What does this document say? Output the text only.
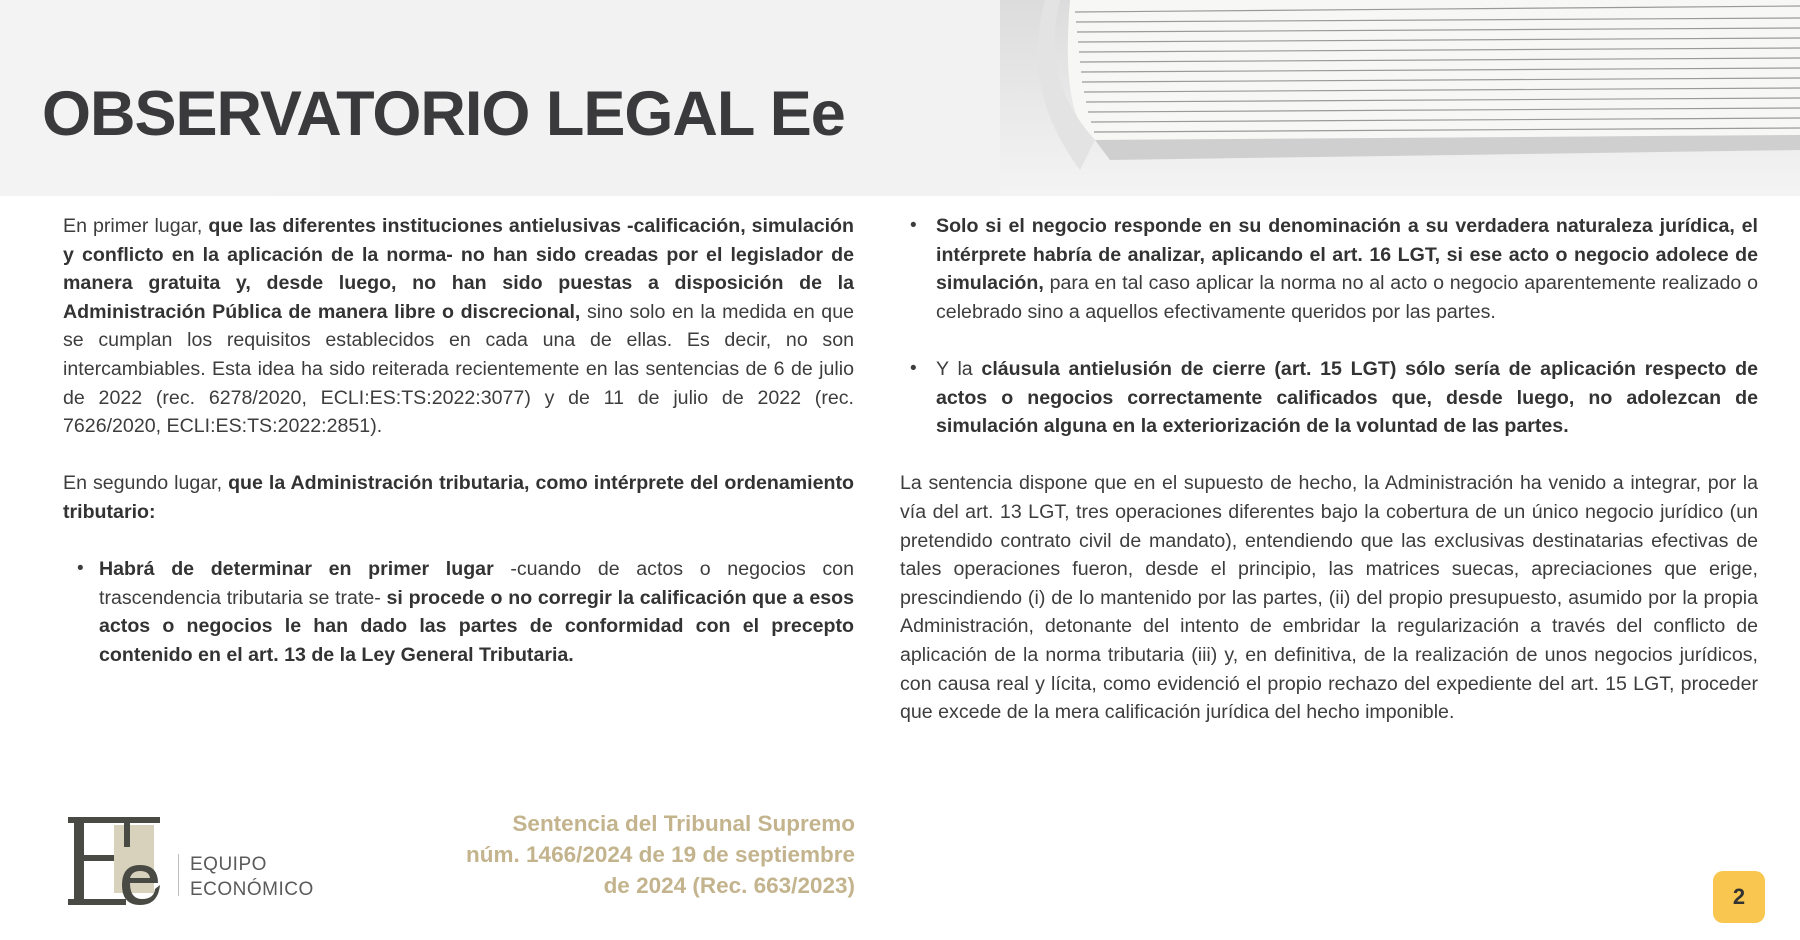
OBSERVATORIO LEGAL Ee

En primer lugar, que las diferentes instituciones antielusivas -calificación, simulación y conflicto en la aplicación de la norma- no han sido creadas por el legislador de manera gratuita y, desde luego, no han sido puestas a disposición de la Administración Pública de manera libre o discrecional, sino solo en la medida en que se cumplan los requisitos establecidos en cada una de ellas. Es decir, no son intercambiables. Esta idea ha sido reiterada recientemente en las sentencias de 6 de julio de 2022 (rec. 6278/2020, ECLI:ES:TS:2022:3077) y de 11 de julio de 2022 (rec. 7626/2020, ECLI:ES:TS:2022:2851).

En segundo lugar, que la Administración tributaria, como intérprete del ordenamiento tributario:

• Habrá de determinar en primer lugar -cuando de actos o negocios con trascendencia tributaria se trate- si procede o no corregir la calificación que a esos actos o negocios le han dado las partes de conformidad con el precepto contenido en el art. 13 de la Ley General Tributaria.
• Solo si el negocio responde en su denominación a su verdadera naturaleza jurídica, el intérprete habría de analizar, aplicando el art. 16 LGT, si ese acto o negocio adolece de simulación, para en tal caso aplicar la norma no al acto o negocio aparentemente realizado o celebrado sino a aquellos efectivamente queridos por las partes.
• Y la cláusula antielusión de cierre (art. 15 LGT) sólo sería de aplicación respecto de actos o negocios correctamente calificados que, desde luego, no adolezcan de simulación alguna en la exteriorización de la voluntad de las partes.

La sentencia dispone que en el supuesto de hecho, la Administración ha venido a integrar, por la vía del art. 13 LGT, tres operaciones diferentes bajo la cobertura de un único negocio jurídico (un pretendido contrato civil de mandato), entendiendo que las exclusivas destinatarias efectivas de tales operaciones fueron, desde el principio, las matrices suecas, apreciaciones que erige, prescindiendo (i) de lo mantenido por las partes, (ii) del propio presupuesto, asumido por la propia Administración, detonante del intento de embridar la regularización a través del conflicto de aplicación de la norma tributaria (iii) y, en definitiva, de la realización de unos negocios jurídicos, con causa real y lícita, como evidenció el propio rechazo del expediente del art. 15 LGT, proceder que excede de la mera calificación jurídica del hecho imponible.

Sentencia del Tribunal Supremo
núm. 1466/2024 de 19 de septiembre
de 2024 (Rec. 663/2023)
EQUIPO
ECONÓMICO	2
